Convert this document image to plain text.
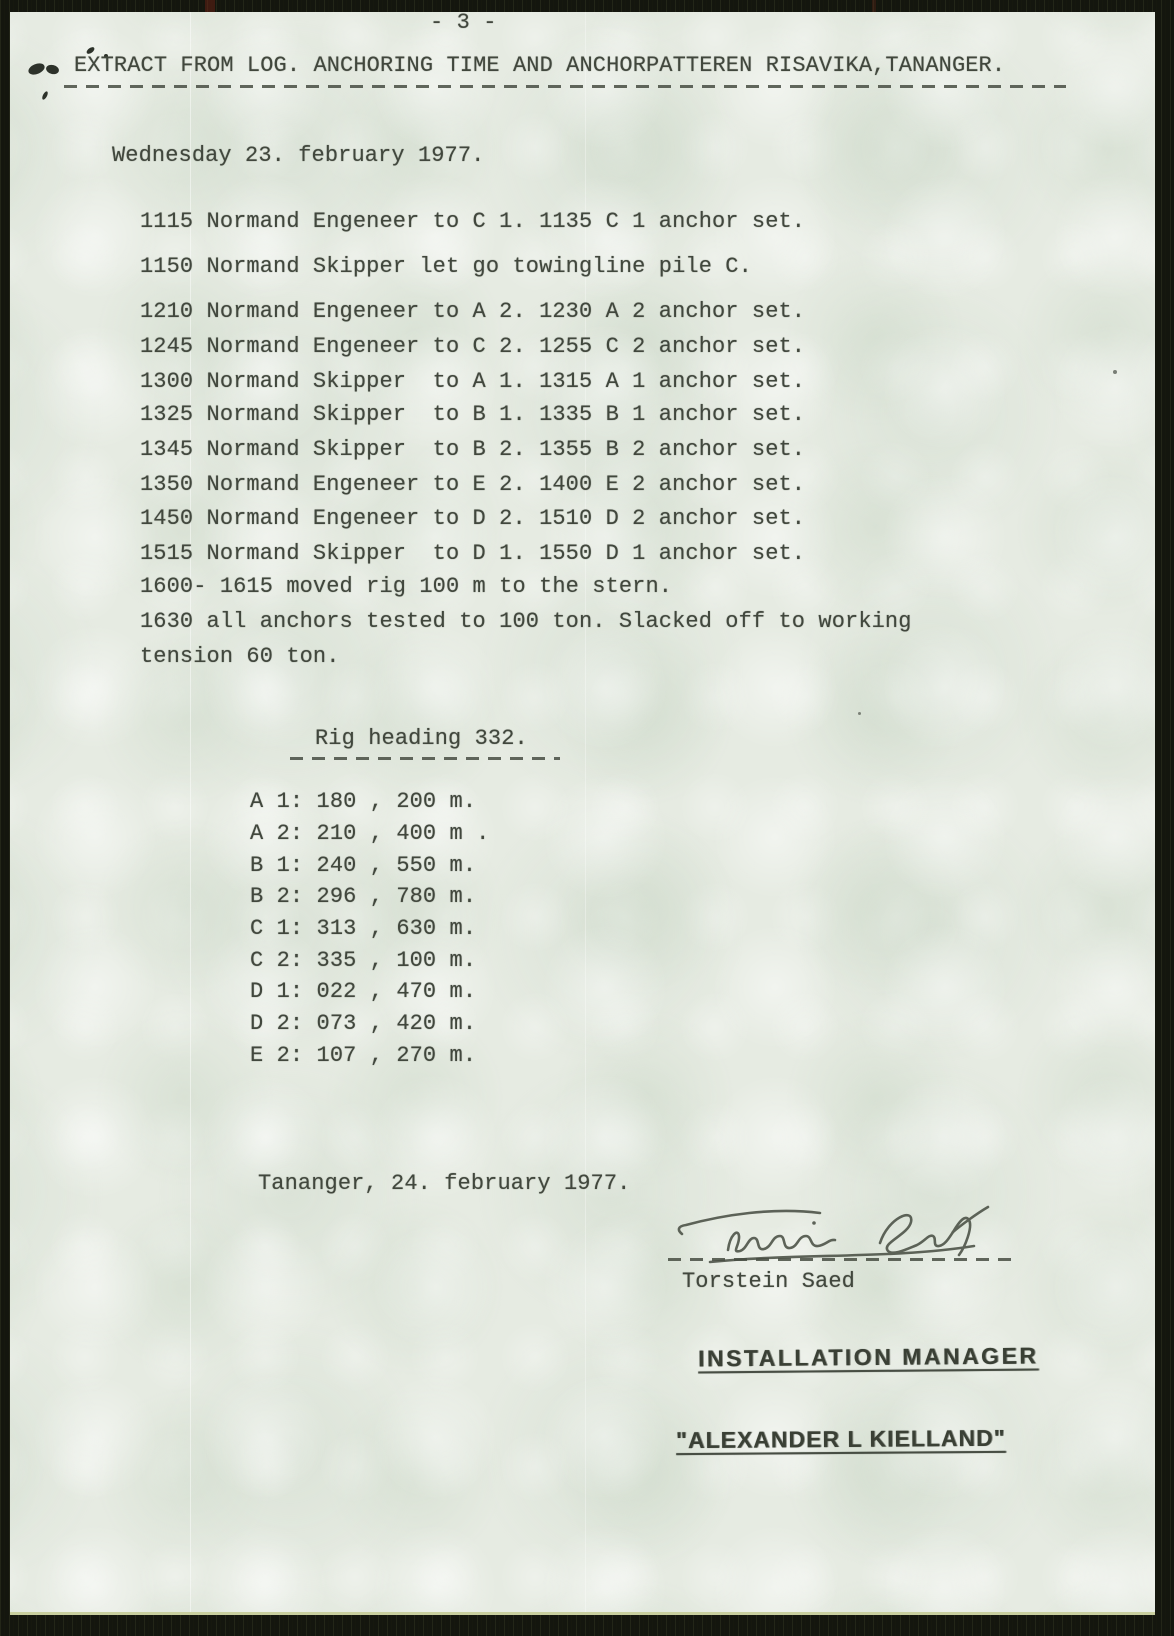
- 3 -
EXTRACT FROM LOG. ANCHORING TIME AND ANCHORPATTEREN RISAVIKA,TANANGER.
Wednesday 23. february 1977.
1115 Normand Engeneer to C 1. 1135 C 1 anchor set.
1150 Normand Skipper let go towingline pile C.
1210 Normand Engeneer to A 2. 1230 A 2 anchor set.
1245 Normand Engeneer to C 2. 1255 C 2 anchor set.
1300 Normand Skipper  to A 1. 1315 A 1 anchor set.
1325 Normand Skipper  to B 1. 1335 B 1 anchor set.
1345 Normand Skipper  to B 2. 1355 B 2 anchor set.
1350 Normand Engeneer to E 2. 1400 E 2 anchor set.
1450 Normand Engeneer to D 2. 1510 D 2 anchor set.
1515 Normand Skipper  to D 1. 1550 D 1 anchor set.
1600- 1615 moved rig 100 m to the stern.
1630 all anchors tested to 100 ton. Slacked off to working
tension 60 ton.
Rig heading 332.
A 1: 180 , 200 m.
A 2: 210 , 400 m .
B 1: 240 , 550 m.
B 2: 296 , 780 m.
C 1: 313 , 630 m.
C 2: 335 , 100 m.
D 1: 022 , 470 m.
D 2: 073 , 420 m.
E 2: 107 , 270 m.
Tananger, 24. february 1977.
Torstein Saed
INSTALLATION MANAGER
"ALEXANDER L KIELLAND"
